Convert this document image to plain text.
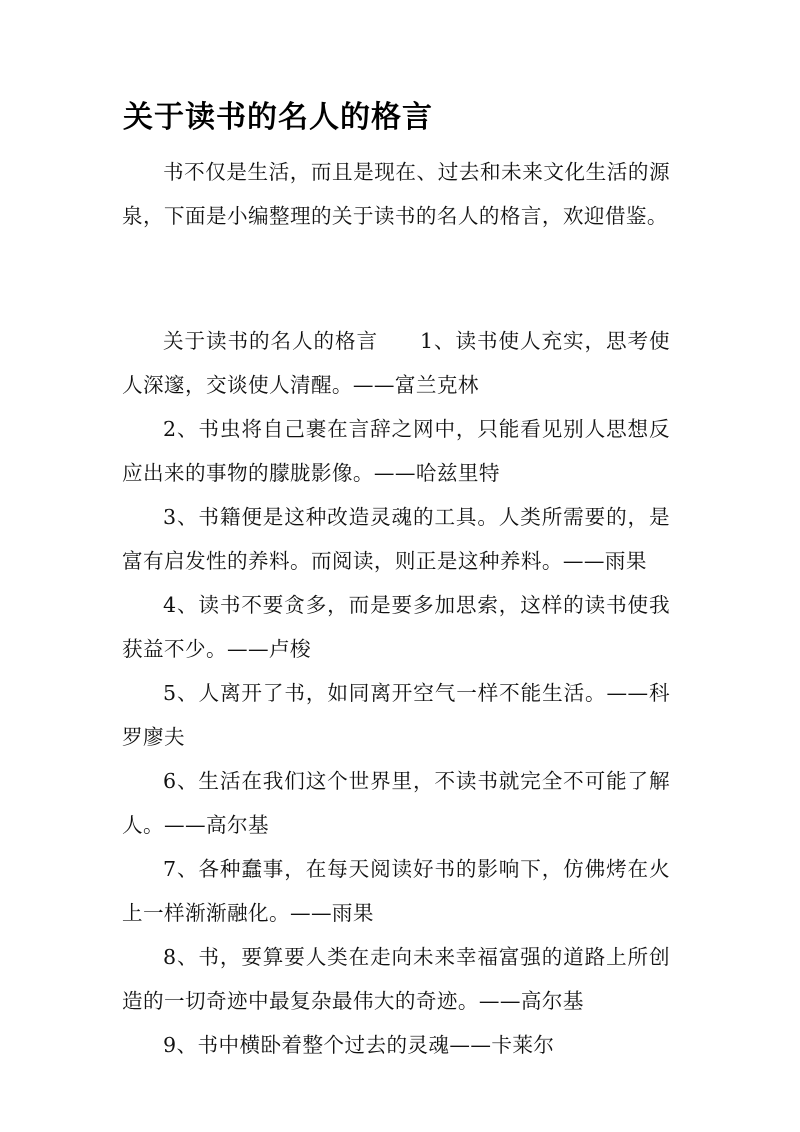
关于读书的名人的格言

书不仅是生活，而且是现在、过去和未来文化生活的源泉，下面是小编整理的关于读书的名人的格言，欢迎借鉴。

关于读书的名人的格言 1、读书使人充实，思考使人深邃，交谈使人清醒。——富兰克林

2、书虫将自己裹在言辞之网中，只能看见别人思想反应出来的事物的朦胧影像。——哈兹里特

3、书籍便是这种改造灵魂的工具。人类所需要的，是富有启发性的养料。而阅读，则正是这种养料。——雨果

4、读书不要贪多，而是要多加思索，这样的读书使我获益不少。——卢梭

5、人离开了书，如同离开空气一样不能生活。——科罗廖夫

6、生活在我们这个世界里，不读书就完全不可能了解人。——高尔基

7、各种蠢事，在每天阅读好书的影响下，仿佛烤在火上一样渐渐融化。——雨果

8、书，要算要人类在走向未来幸福富强的道路上所创造的一切奇迹中最复杂最伟大的奇迹。——高尔基

9、书中横卧着整个过去的灵魂——卡莱尔
